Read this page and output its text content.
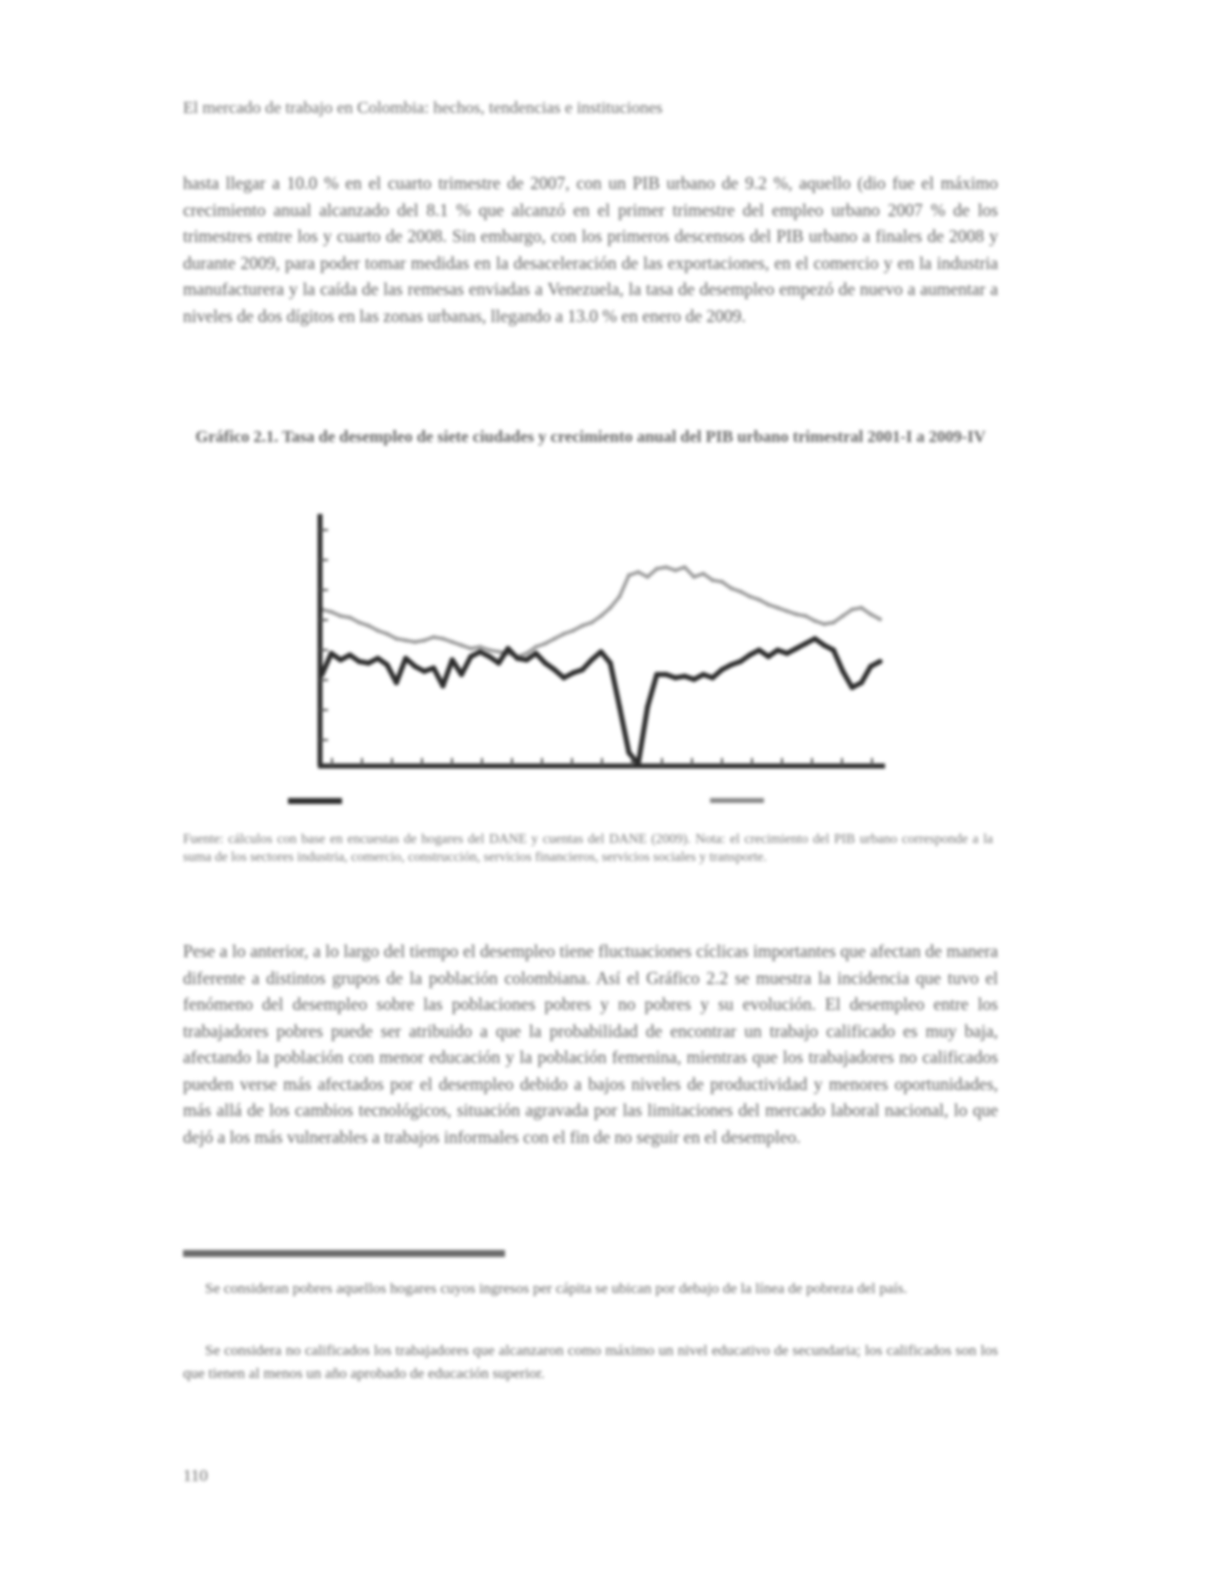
El mercado de trabajo en Colombia: hechos, tendencias e instituciones
hasta llegar a 10.0 % en el cuarto trimestre de 2007, con un PIB urbano de 9.2 %, aquello (dio fue el máximo crecimiento anual alcanzado del 8.1 % que alcanzó en el primer trimestre del empleo urbano 2007 % de los trimestres entre los y cuarto de 2008. Sin embargo, con los primeros descensos del PIB urbano a finales de 2008 y durante 2009, para poder tomar medidas en la desaceleración de las exportaciones, en el comercio y en la industria manufacturera y la caída de las remesas enviadas a Venezuela, la tasa de desempleo empezó de nuevo a aumentar a niveles de dos dígitos en las zonas urbanas, llegando a 13.0 % en enero de 2009.
Gráfico 2.1. Tasa de desempleo de siete ciudades y crecimiento anual del PIB urbano trimestral 2001-I a 2009-IV
Fuente: cálculos con base en encuestas de hogares del DANE y cuentas del DANE (2009). Nota: el crecimiento del PIB urbano corresponde a la suma de los sectores industria, comercio, construcción, servicios financieros, servicios sociales y transporte.
Pese a lo anterior, a lo largo del tiempo el desempleo tiene fluctuaciones cíclicas importantes que afectan de manera diferente a distintos grupos de la población colombiana. Así el Gráfico 2.2 se muestra la incidencia que tuvo el fenómeno del desempleo sobre las poblaciones pobres y no pobres y su evolución. El desempleo entre los trabajadores pobres puede ser atribuido a que la probabilidad de encontrar un trabajo calificado es muy baja, afectando la población con menor educación y la población femenina, mientras que los trabajadores no calificados pueden verse más afectados por el desempleo debido a bajos niveles de productividad y menores oportunidades, más allá de los cambios tecnológicos, situación agravada por las limitaciones del mercado laboral nacional, lo que dejó a los más vulnerables a trabajos informales con el fin de no seguir en el desempleo.
Se consideran pobres aquellos hogares cuyos ingresos per cápita se ubican por debajo de la línea de pobreza del país.
Se considera no calificados los trabajadores que alcanzaron como máximo un nivel educativo de secundaria; los calificados son los que tienen al menos un año aprobado de educación superior.
110
